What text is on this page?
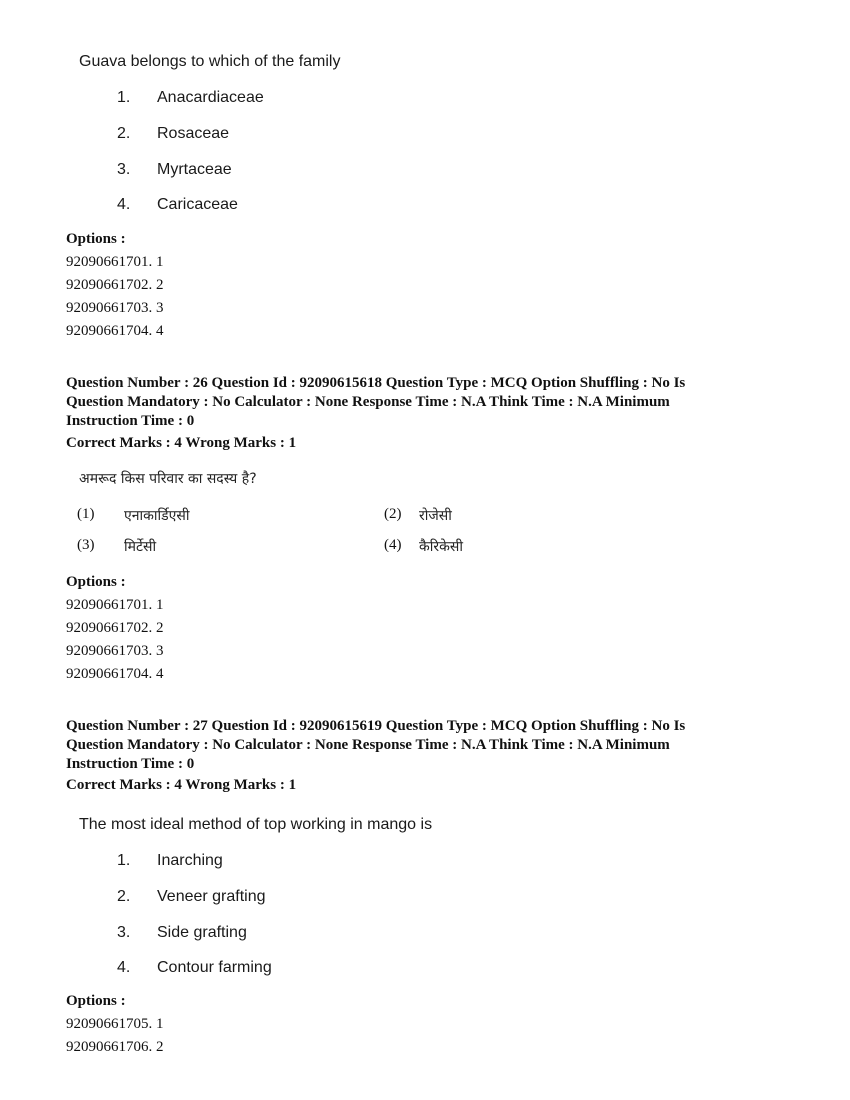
Guava belongs to which of the family
1. Anacardiaceae
2. Rosaceae
3. Myrtaceae
4. Caricaceae
Options :
92090661701. 1
92090661702. 2
92090661703. 3
92090661704. 4
Question Number : 26 Question Id : 92090615618 Question Type : MCQ Option Shuffling : No Is
Question Mandatory : No Calculator : None Response Time : N.A Think Time : N.A Minimum
Instruction Time : 0
Correct Marks : 4 Wrong Marks : 1
अमरूद किस परिवार का सदस्य है?
(1) एनाकार्डिएसी	(2) रोजेसी
(3) मिर्टेसी	(4) कैरिकेसी
Options :
92090661701. 1
92090661702. 2
92090661703. 3
92090661704. 4
Question Number : 27 Question Id : 92090615619 Question Type : MCQ Option Shuffling : No Is
Question Mandatory : No Calculator : None Response Time : N.A Think Time : N.A Minimum
Instruction Time : 0
Correct Marks : 4 Wrong Marks : 1
The most ideal method of top working in mango is
1. Inarching
2. Veneer grafting
3. Side grafting
4. Contour farming
Options :
92090661705. 1
92090661706. 2
